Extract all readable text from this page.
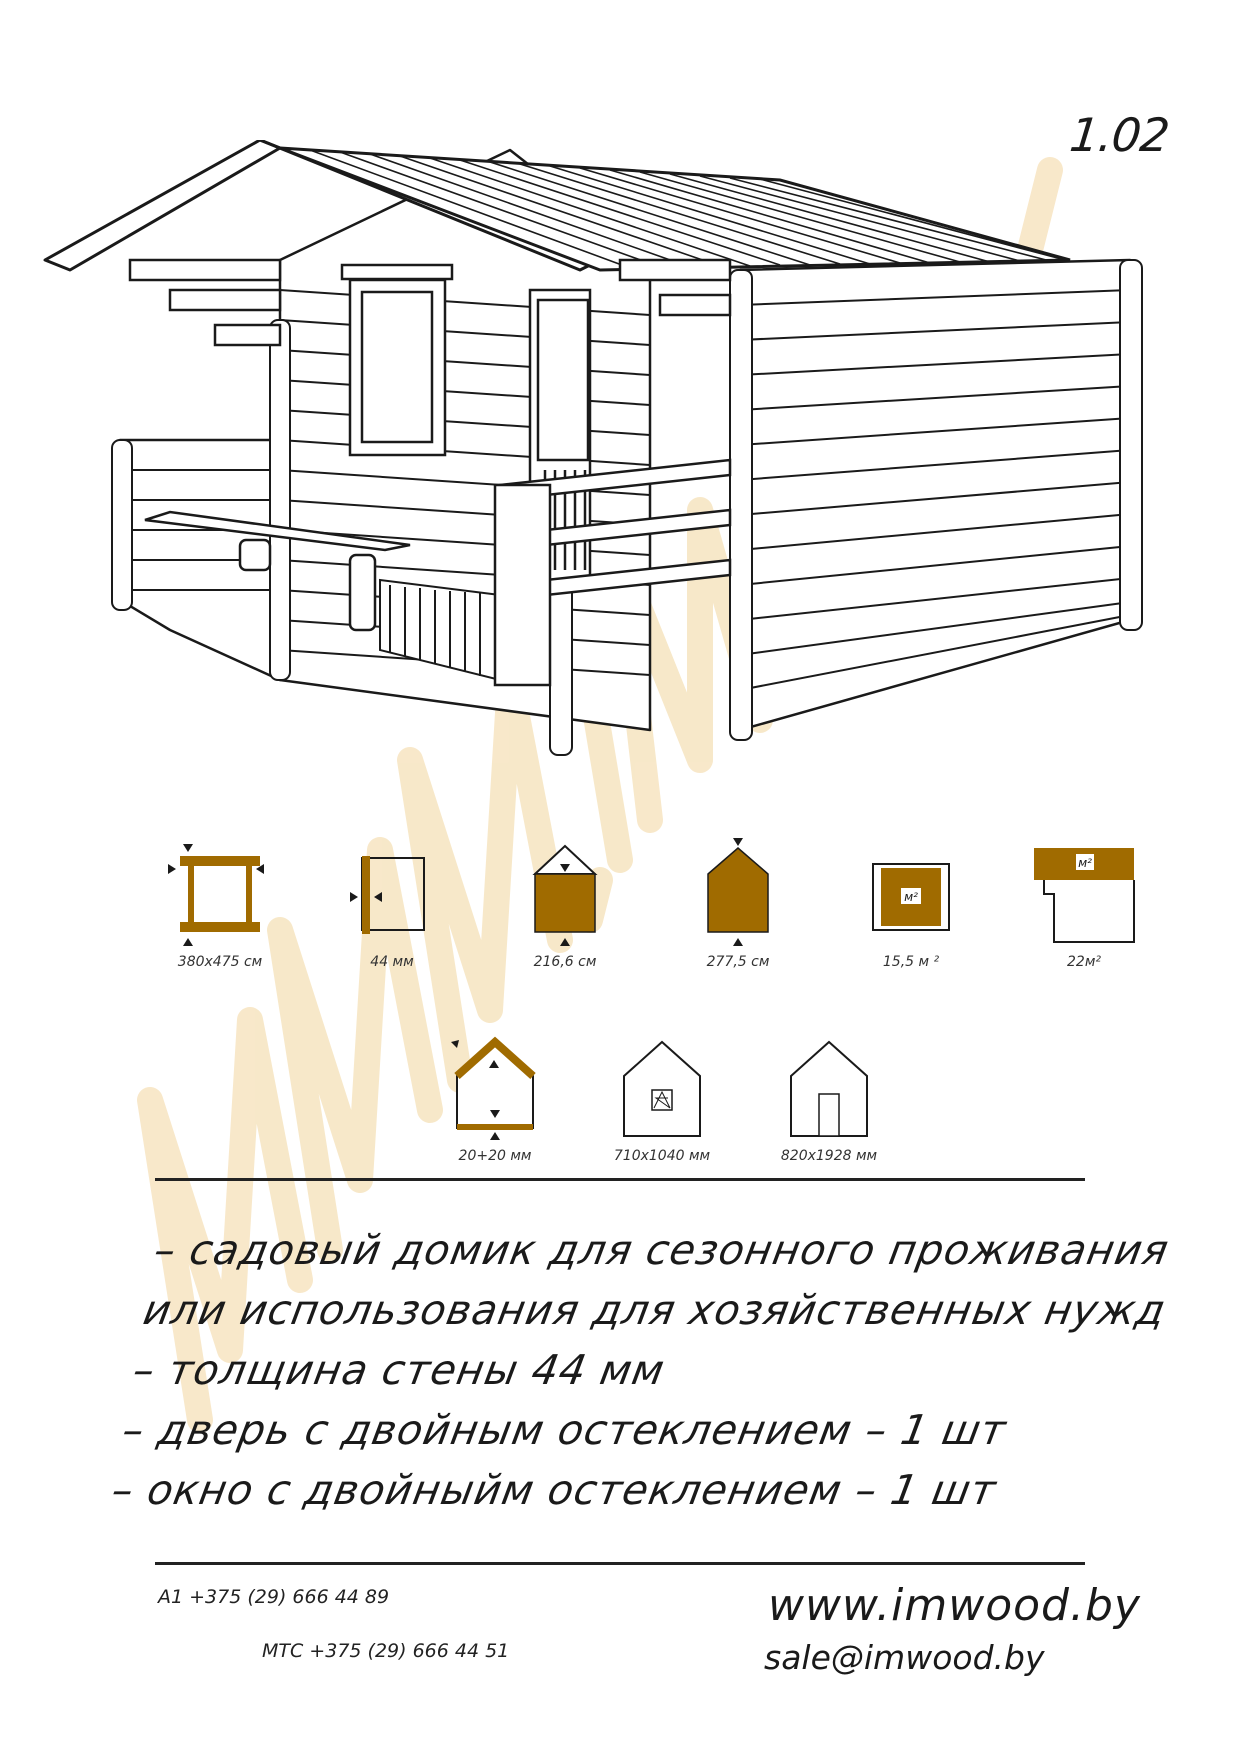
1.02
380x475 см	44 мм	216,6 см	277,5 см
м²
15,5 м ²
м²
22м²
20+20 мм	710x1040 мм	820x1928 мм
– садовый домик для сезонного проживания
или использования для хозяйственных нужд
– толщина стены 44 мм
– дверь с двойным остеклением – 1 шт
– окно с двойныйм остеклением – 1 шт
A1 +375 (29) 666 44 89
МТС +375 (29) 666 44 51
www.imwood.by
sale@imwood.by
